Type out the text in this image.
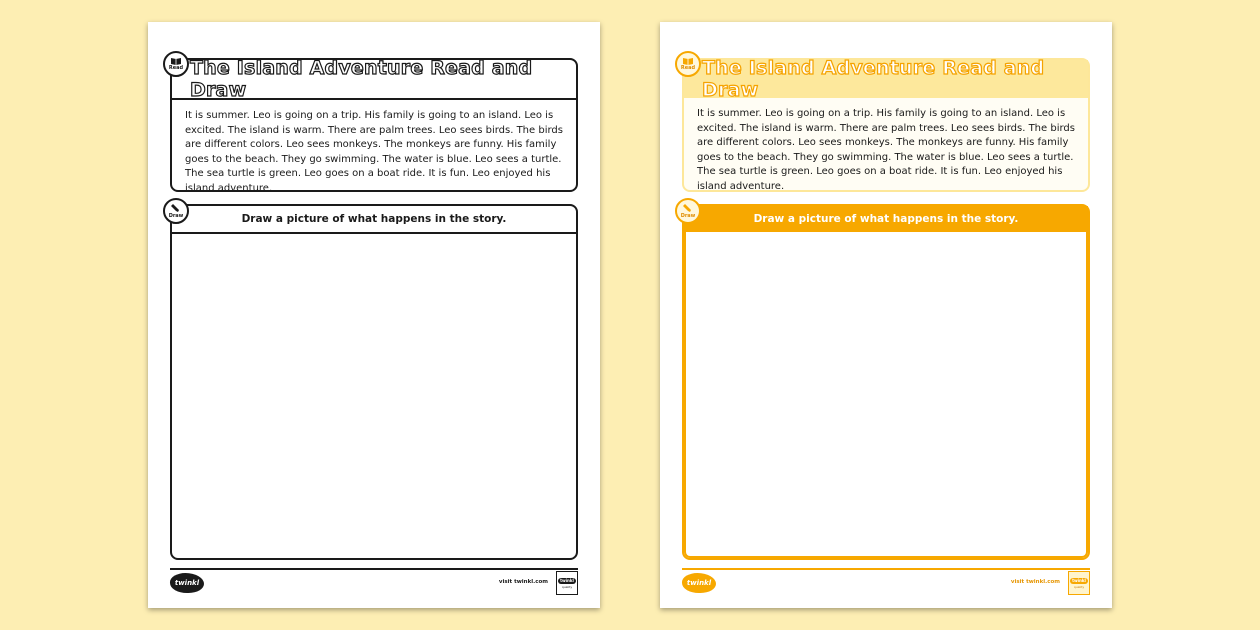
Read The Island Adventure Read and Draw
It is summer. Leo is going on a trip. His family is going to an island. Leo is excited. The island is warm. There are palm trees. Leo sees birds. The birds are different colors. Leo sees monkeys. The monkeys are funny. His family goes to the beach. They go swimming. The water is blue. Leo sees a turtle. The sea turtle is green. Leo goes on a boat ride. It is fun. Leo enjoyed his island adventure.
Draw	Draw a picture of what happens in the story.
twinkl	visit twinkl.com	twinkl
quality
Read The Island Adventure Read and Draw
It is summer. Leo is going on a trip. His family is going to an island. Leo is excited. The island is warm. There are palm trees. Leo sees birds. The birds are different colors. Leo sees monkeys. The monkeys are funny. His family goes to the beach. They go swimming. The water is blue. Leo sees a turtle. The sea turtle is green. Leo goes on a boat ride. It is fun. Leo enjoyed his island adventure.
Draw	Draw a picture of what happens in the story.
twinkl	visit twinkl.com	twinkl
quality
